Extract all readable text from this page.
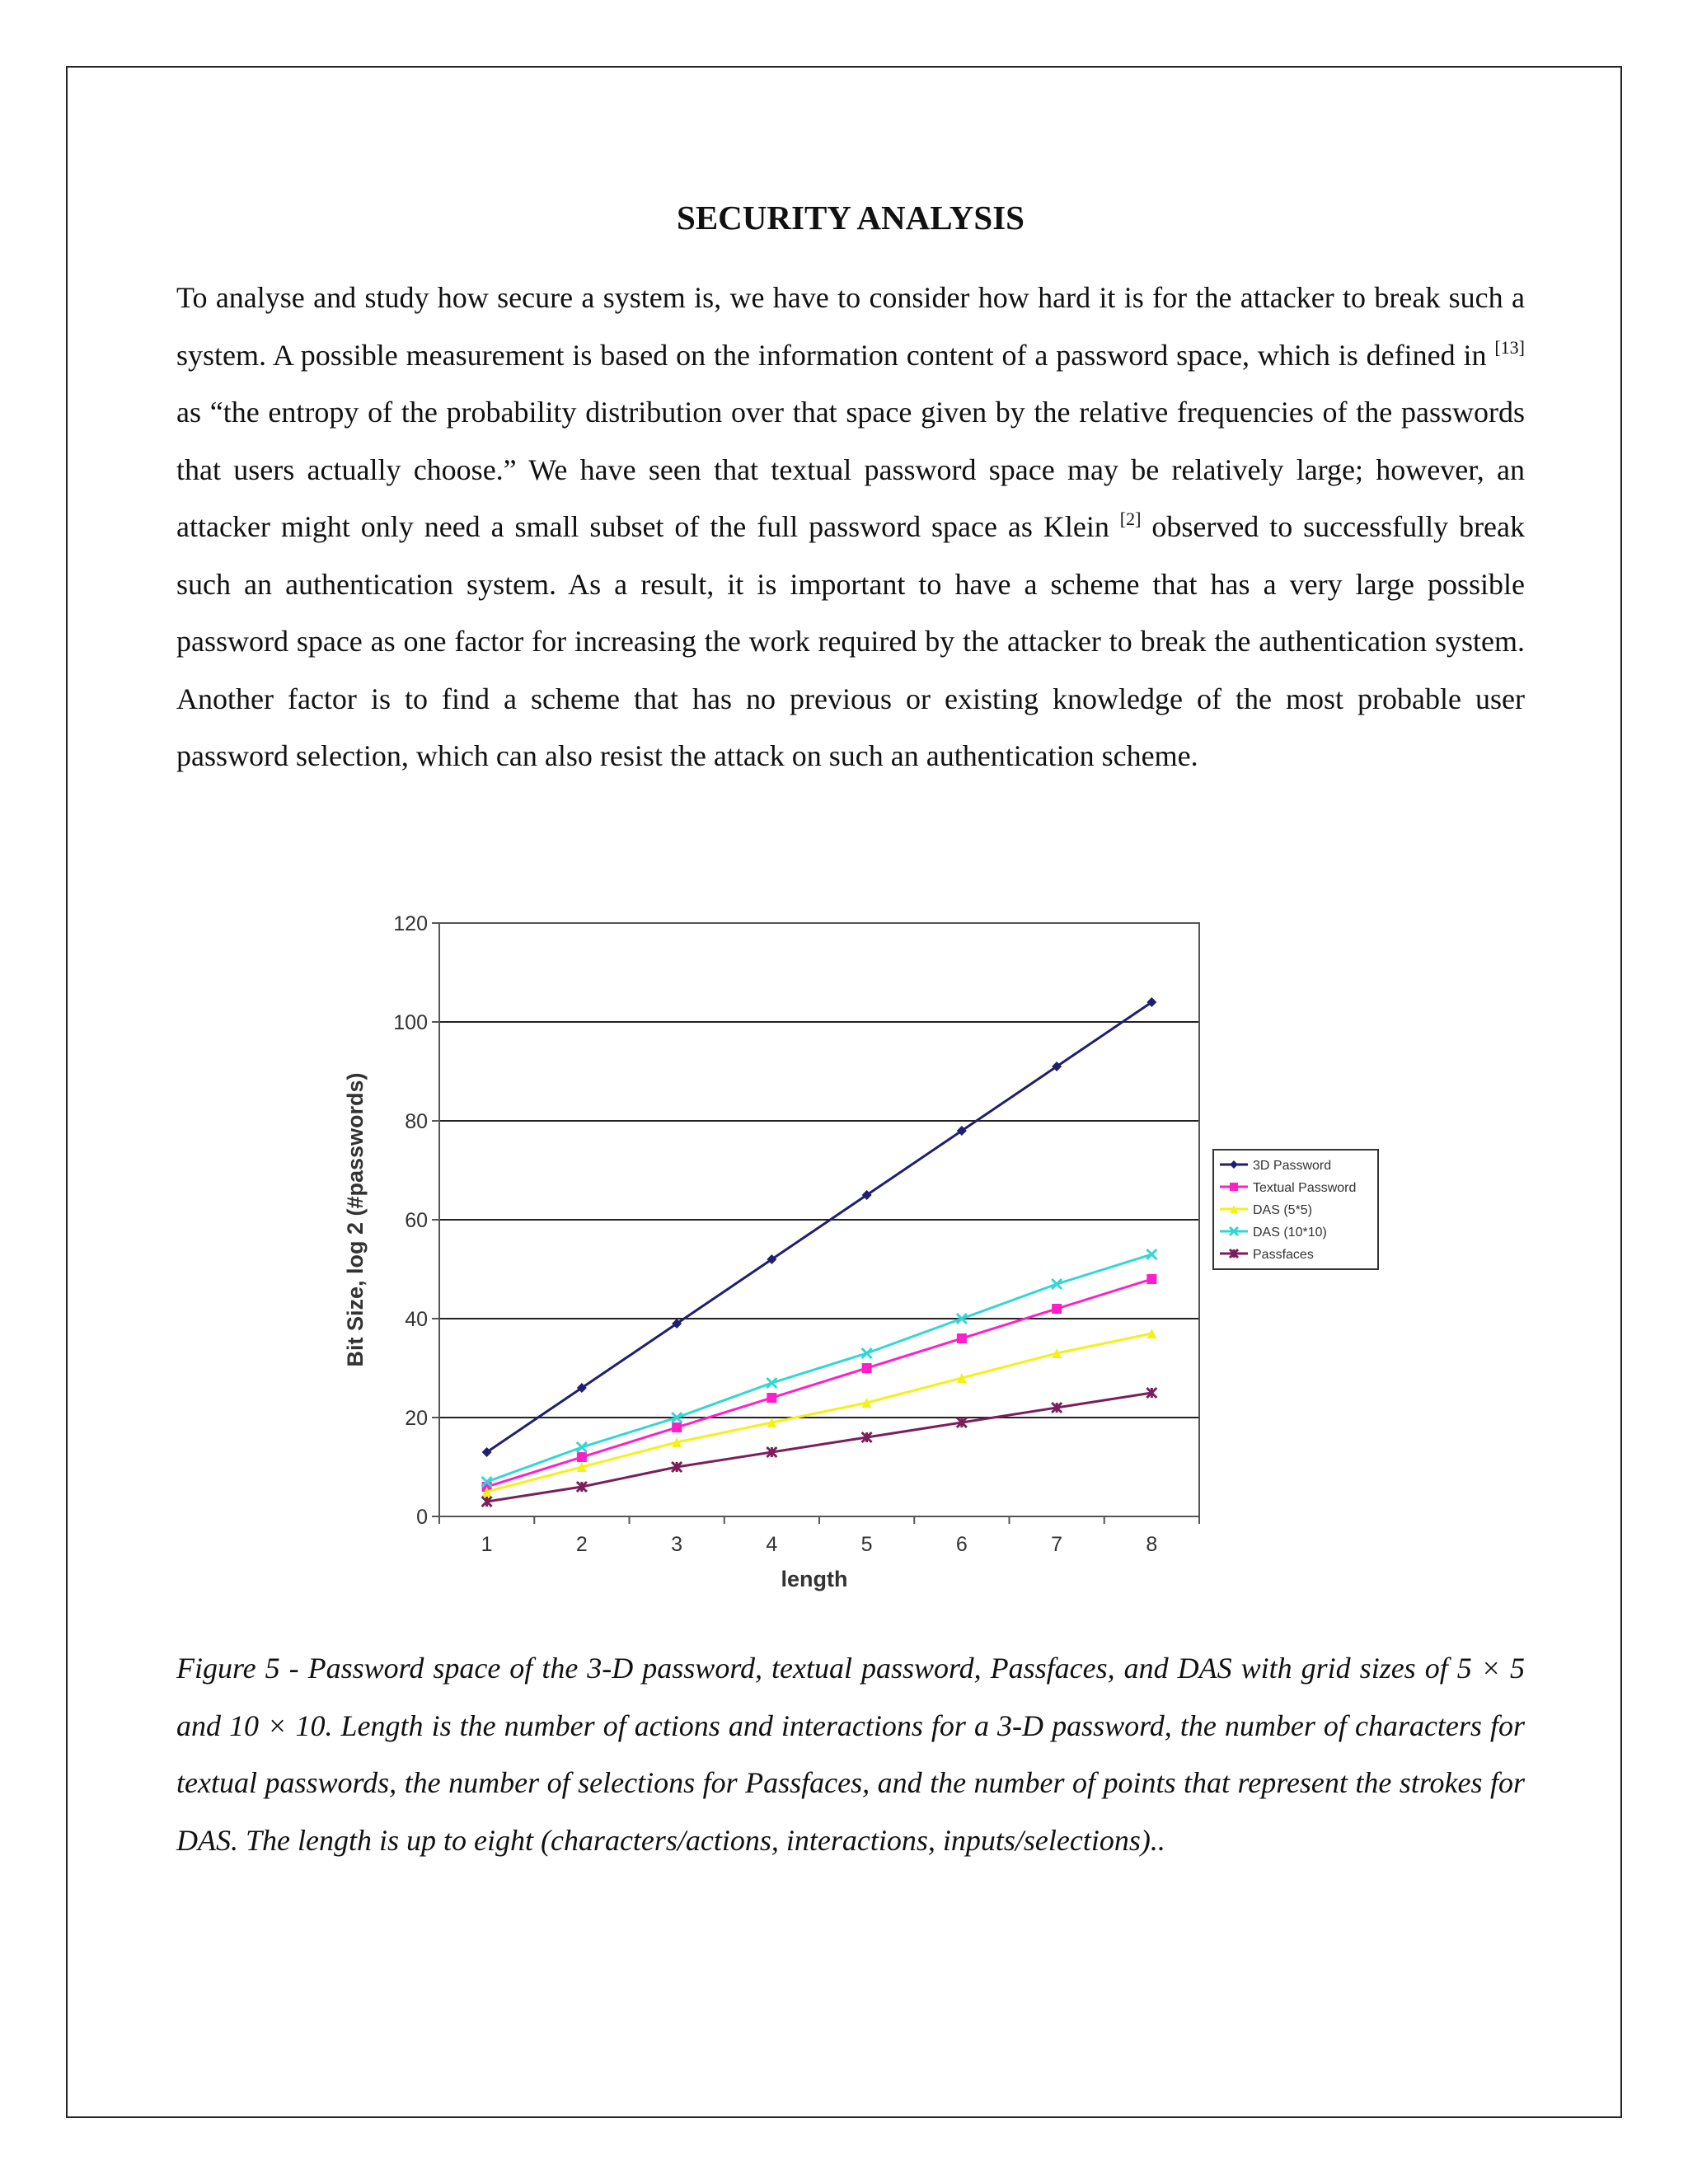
SECURITY ANALYSIS

To analyse and study how secure a system is, we have to consider how hard it is for the attacker to break such a system. A possible measurement is based on the information content of a password space, which is defined in [13] as “the entropy of the probability distribution over that space given by the relative frequencies of the passwords that users actually choose.” We have seen that textual password space may be relatively large; however, an attacker might only need a small subset of the full password space as Klein [2] observed to successfully break such an authentication system. As a result, it is important to have a scheme that has a very large possible password space as one factor for increasing the work required by the attacker to break the authentication system. Another factor is to find a scheme that has no previous or existing knowledge of the most probable user password selection, which can also resist the attack on such an authentication scheme.

0
20
40
60
80
100
120
1	2	3	4	5	6	7	8
length
Bit Size, log 2 (#passwords)	3D Password
Textual Password
DAS (5*5)
DAS (10*10)
Passfaces

Figure 5 - Password space of the 3-D password, textual password, Passfaces, and DAS with grid sizes of 5 × 5 and 10 × 10. Length is the number of actions and interactions for a 3-D password, the number of characters for textual passwords, the number of selections for Passfaces, and the number of points that represent the strokes for DAS. The length is up to eight (characters/actions, interactions, inputs/selections)..
